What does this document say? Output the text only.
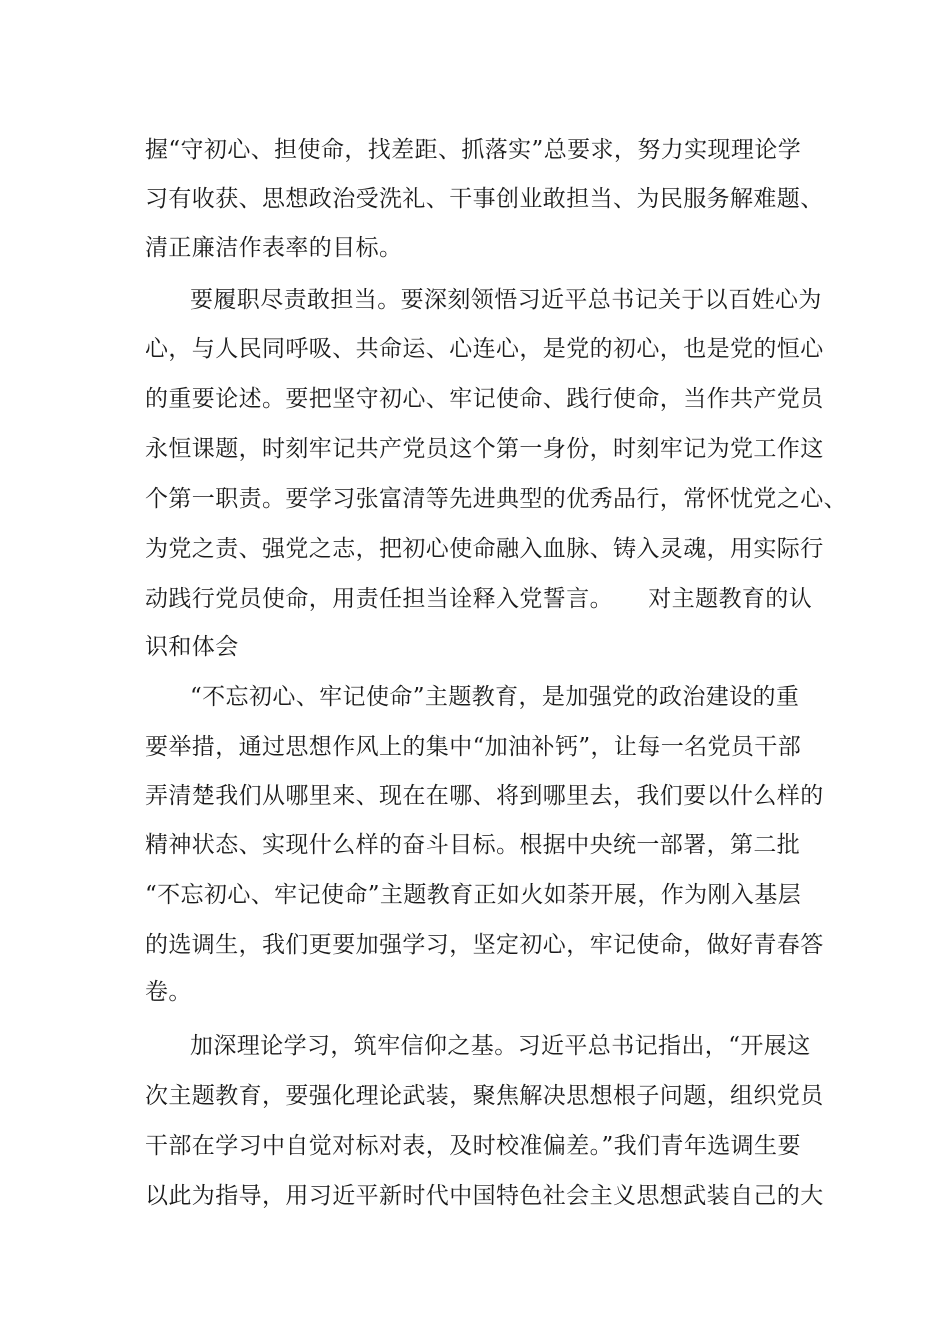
握“守初心、担使命，找差距、抓落实”总要求，努力实现理论学
习有收获、思想政治受洗礼、干事创业敢担当、为民服务解难题、
清正廉洁作表率的目标。
要履职尽责敢担当。要深刻领悟习近平总书记关于以百姓心为
心，与人民同呼吸、共命运、心连心，是党的初心，也是党的恒心
的重要论述。要把坚守初心、牢记使命、践行使命，当作共产党员
永恒课题，时刻牢记共产党员这个第一身份，时刻牢记为党工作这
个第一职责。要学习张富清等先进典型的优秀品行，常怀忧党之心、
为党之责、强党之志，把初心使命融入血脉、铸入灵魂，用实际行
动践行党员使命，用责任担当诠释入党誓言。　　对主题教育的认
识和体会
“不忘初心、牢记使命”主题教育，是加强党的政治建设的重
要举措，通过思想作风上的集中“加油补钙”，让每一名党员干部
弄清楚我们从哪里来、现在在哪、将到哪里去，我们要以什么样的
精神状态、实现什么样的奋斗目标。根据中央统一部署，第二批
“不忘初心、牢记使命”主题教育正如火如荼开展，作为刚入基层
的选调生，我们更要加强学习，坚定初心，牢记使命，做好青春答
卷。
加深理论学习，筑牢信仰之基。习近平总书记指出，“开展这
次主题教育，要强化理论武装，聚焦解决思想根子问题，组织党员
干部在学习中自觉对标对表，及时校准偏差。”我们青年选调生要
以此为指导，用习近平新时代中国特色社会主义思想武装自己的大
